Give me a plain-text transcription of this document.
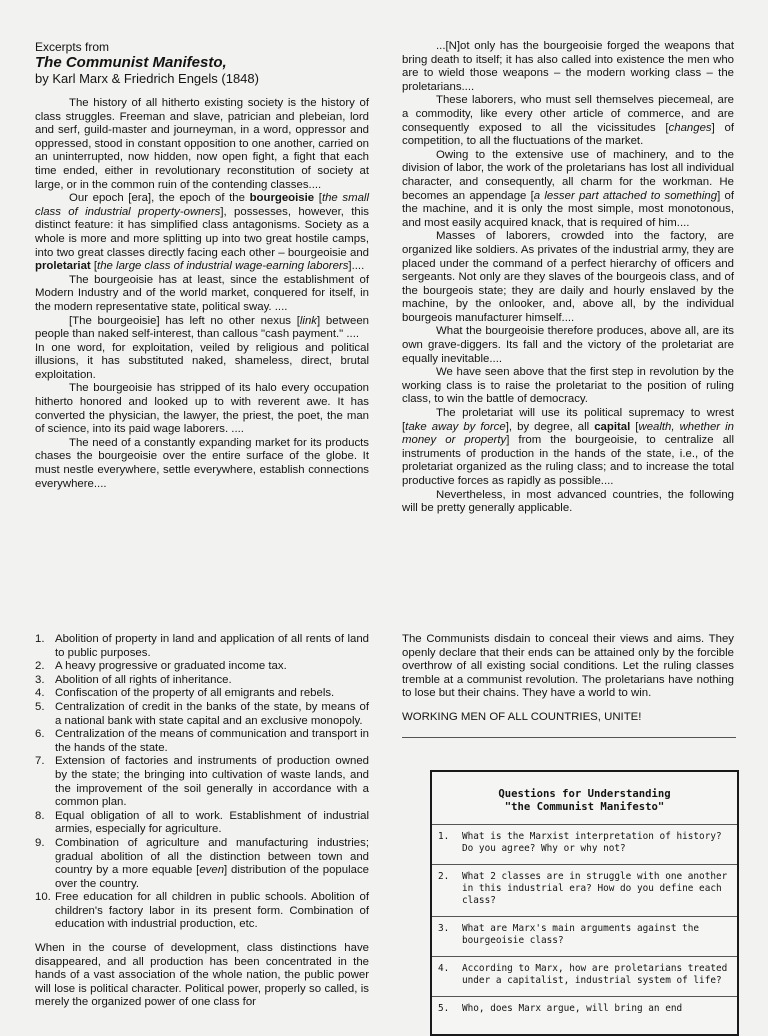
Excerpts from
The Communist Manifesto,
by Karl Marx & Friedrich Engels (1848)

The history of all hitherto existing society is the history of class struggles. Freeman and slave, patrician and plebeian, lord and serf, guild-master and journeyman, in a word, oppressor and oppressed, stood in constant opposition to one another, carried on an uninterrupted, now hidden, now open fight, a fight that each time ended, either in revolutionary reconstitution of society at large, or in the common ruin of the contending classes....

Our epoch [era], the epoch of the bourgeoisie [the small class of industrial property-owners], possesses, however, this distinct feature: it has simplified class antagonisms. Society as a whole is more and more splitting up into two great hostile camps, into two great classes directly facing each other – bourgeoisie and proletariat [the large class of industrial wage-earning laborers]....

The bourgeoisie has at least, since the establishment of Modern Industry and of the world market, conquered for itself, in the modern representative state, political sway. ....

[The bourgeoisie] has left no other nexus [link] between people than naked self-interest, than callous "cash payment." ....

In one word, for exploitation, veiled by religious and political illusions, it has substituted naked, shameless, direct, brutal exploitation.

The bourgeoisie has stripped of its halo every occupation hitherto honored and looked up to with reverent awe. It has converted the physician, the lawyer, the priest, the poet, the man of science, into its paid wage laborers. ....

The need of a constantly expanding market for its products chases the bourgeoisie over the entire surface of the globe. It must nestle everywhere, settle everywhere, establish connections everywhere....

...[N]ot only has the bourgeoisie forged the weapons that bring death to itself; it has also called into existence the men who are to wield those weapons – the modern working class – the proletarians....

These laborers, who must sell themselves piecemeal, are a commodity, like every other article of commerce, and are consequently exposed to all the vicissitudes [changes] of competition, to all the fluctuations of the market.

Owing to the extensive use of machinery, and to the division of labor, the work of the proletarians has lost all individual character, and consequently, all charm for the workman. He becomes an appendage [a lesser part attached to something] of the machine, and it is only the most simple, most monotonous, and most easily acquired knack, that is required of him....

Masses of laborers, crowded into the factory, are organized like soldiers. As privates of the industrial army, they are placed under the command of a perfect hierarchy of officers and sergeants. Not only are they slaves of the bourgeois class, and of the bourgeois state; they are daily and hourly enslaved by the machine, by the onlooker, and, above all, by the individual bourgeois manufacturer himself....

What the bourgeoisie therefore produces, above all, are its own grave-diggers. Its fall and the victory of the proletariat are equally inevitable....

We have seen above that the first step in revolution by the working class is to raise the proletariat to the position of ruling class, to win the battle of democracy.

The proletariat will use its political supremacy to wrest [take away by force], by degree, all capital [wealth, whether in money or property] from the bourgeoisie, to centralize all instruments of production in the hands of the state, i.e., of the proletariat organized as the ruling class; and to increase the total productive forces as rapidly as possible....

Nevertheless, in most advanced countries, the following will be pretty generally applicable.

1. Abolition of property in land and application of all rents of land to public purposes.
2. A heavy progressive or graduated income tax.
3. Abolition of all rights of inheritance.
4. Confiscation of the property of all emigrants and rebels.
5. Centralization of credit in the banks of the state, by means of a national bank with state capital and an exclusive monopoly.
6. Centralization of the means of communication and transport in the hands of the state.
7. Extension of factories and instruments of production owned by the state; the bringing into cultivation of waste lands, and the improvement of the soil generally in accordance with a common plan.
8. Equal obligation of all to work. Establishment of industrial armies, especially for agriculture.
9. Combination of agriculture and manufacturing industries; gradual abolition of all the distinction between town and country by a more equable [even] distribution of the populace over the country.
10. Free education for all children in public schools. Abolition of children's factory labor in its present form. Combination of education with industrial production, etc.

When in the course of development, class distinctions have disappeared, and all production has been concentrated in the hands of a vast association of the whole nation, the public power will lose is political character. Political power, properly so called, is merely the organized power of one class for

The Communists disdain to conceal their views and aims. They openly declare that their ends can be attained only by the forcible overthrow of all existing social conditions. Let the ruling classes tremble at a communist revolution. The proletarians have nothing to lose but their chains. They have a world to win.

WORKING MEN OF ALL COUNTRIES, UNITE!

Questions for Understanding
"the Communist Manifesto"
1.	What is the Marxist interpretation of history? Do you agree? Why or why not?
2.	What 2 classes are in struggle with one another in this industrial era? How do you define each class?
3.	What are Marx's main arguments against the bourgeoisie class?
4.	According to Marx, how are proletarians treated under a capitalist, industrial system of life?
5.	Who, does Marx argue, will bring an end
